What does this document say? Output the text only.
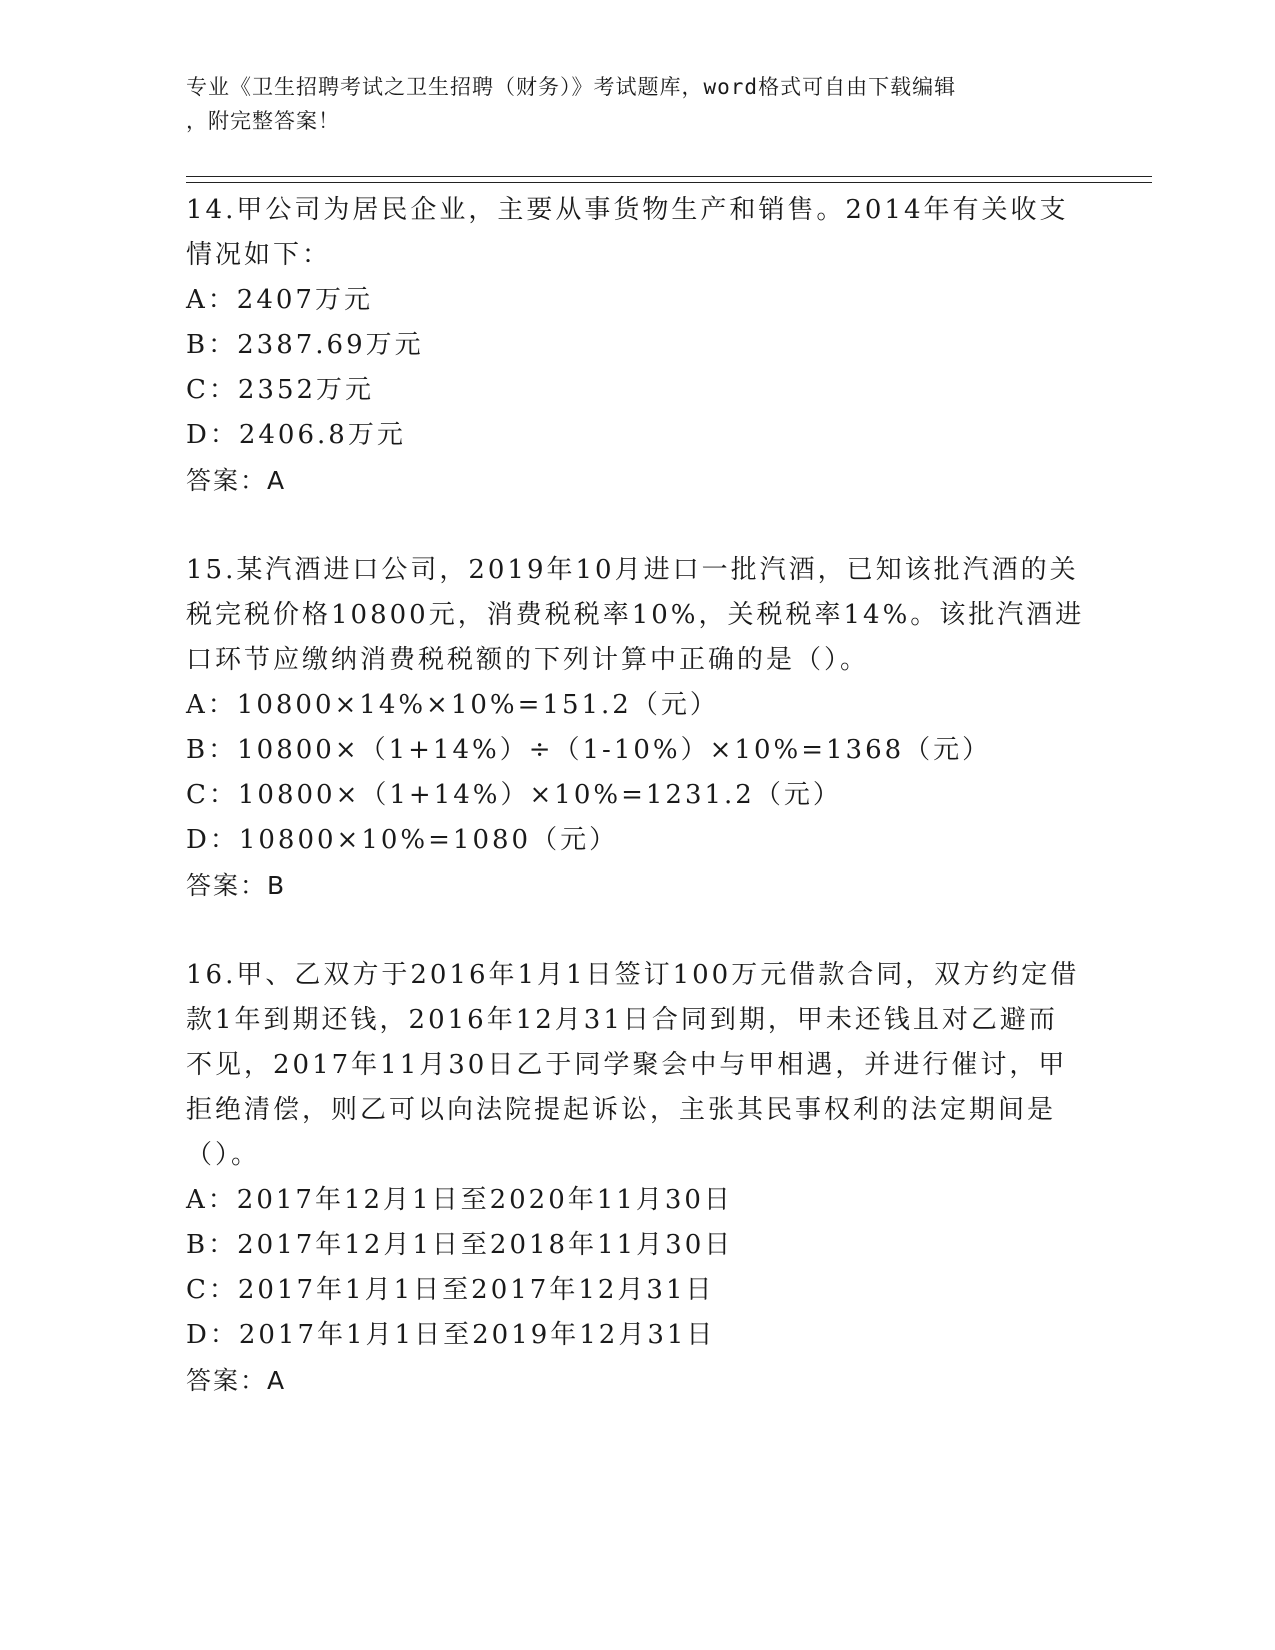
专业《卫生招聘考试之卫生招聘（财务）》考试题库，word格式可自由下载编辑
，附完整答案！

14.甲公司为居民企业，主要从事货物生产和销售。2014年有关收支情况如下：

A：2407万元

B：2387.69万元

C：2352万元

D：2406.8万元

答案：A

15.某汽酒进口公司，2019年10月进口一批汽酒，已知该批汽酒的关税完税价格10800元，消费税税率10%，关税税率14%。该批汽酒进口环节应缴纳消费税税额的下列计算中正确的是（）。

A：10800×14%×10%=151.2（元）

B：10800×（1+14%）÷（1-10%）×10%=1368（元）

C：10800×（1+14%）×10%=1231.2（元）

D：10800×10%=1080（元）

答案：B

16.甲、乙双方于2016年1月1日签订100万元借款合同，双方约定借款1年到期还钱，2016年12月31日合同到期，甲未还钱且对乙避而不见，2017年11月30日乙于同学聚会中与甲相遇，并进行催讨，甲拒绝清偿，则乙可以向法院提起诉讼，主张其民事权利的法定期间是（）。

A：2017年12月1日至2020年11月30日

B：2017年12月1日至2018年11月30日

C：2017年1月1日至2017年12月31日

D：2017年1月1日至2019年12月31日

答案：A
